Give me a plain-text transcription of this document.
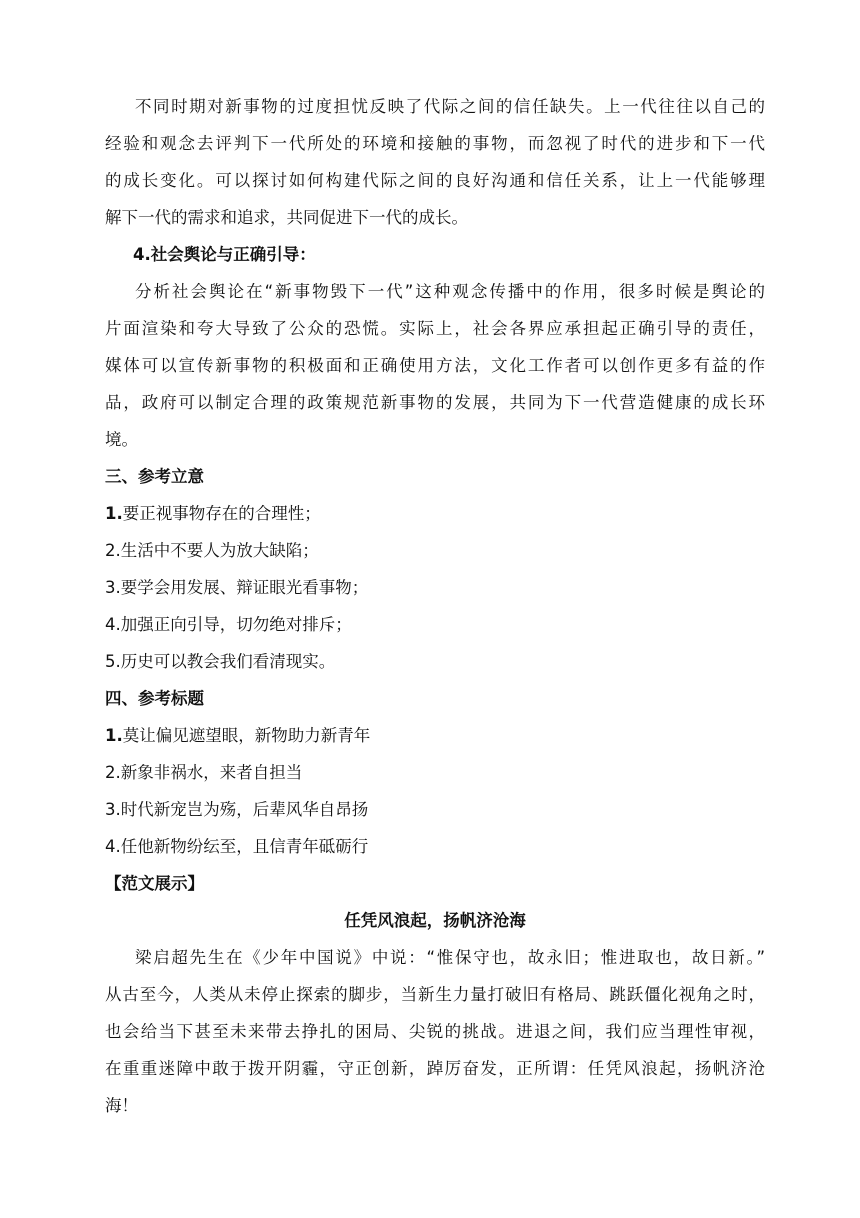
不同时期对新事物的过度担忧反映了代际之间的信任缺失。上一代往往以自己的

经验和观念去评判下一代所处的环境和接触的事物，而忽视了时代的进步和下一代

的成长变化。可以探讨如何构建代际之间的良好沟通和信任关系，让上一代能够理

解下一代的需求和追求，共同促进下一代的成长。

4.社会舆论与正确引导：

分析社会舆论在“新事物毁下一代”这种观念传播中的作用，很多时候是舆论的

片面渲染和夸大导致了公众的恐慌。实际上，社会各界应承担起正确引导的责任，

媒体可以宣传新事物的积极面和正确使用方法，文化工作者可以创作更多有益的作

品，政府可以制定合理的政策规范新事物的发展，共同为下一代营造健康的成长环

境。

三、参考立意

1.要正视事物存在的合理性；

2.生活中不要人为放大缺陷；

3.要学会用发展、辩证眼光看事物；

4.加强正向引导，切勿绝对排斥；

5.历史可以教会我们看清现实。

四、参考标题

1.莫让偏见遮望眼，新物助力新青年

2.新象非祸水，来者自担当

3.时代新宠岂为殇，后辈风华自昂扬

4.任他新物纷纭至，且信青年砥砺行

【范文展示】

任凭风浪起，扬帆济沧海

梁启超先生在《少年中国说》中说：“惟保守也，故永旧；惟进取也，故日新。”

从古至今，人类从未停止探索的脚步，当新生力量打破旧有格局、跳跃僵化视角之时，

也会给当下甚至未来带去挣扎的困局、尖锐的挑战。进退之间，我们应当理性审视，

在重重迷障中敢于拨开阴霾，守正创新，踔厉奋发，正所谓：任凭风浪起，扬帆济沧

海！
